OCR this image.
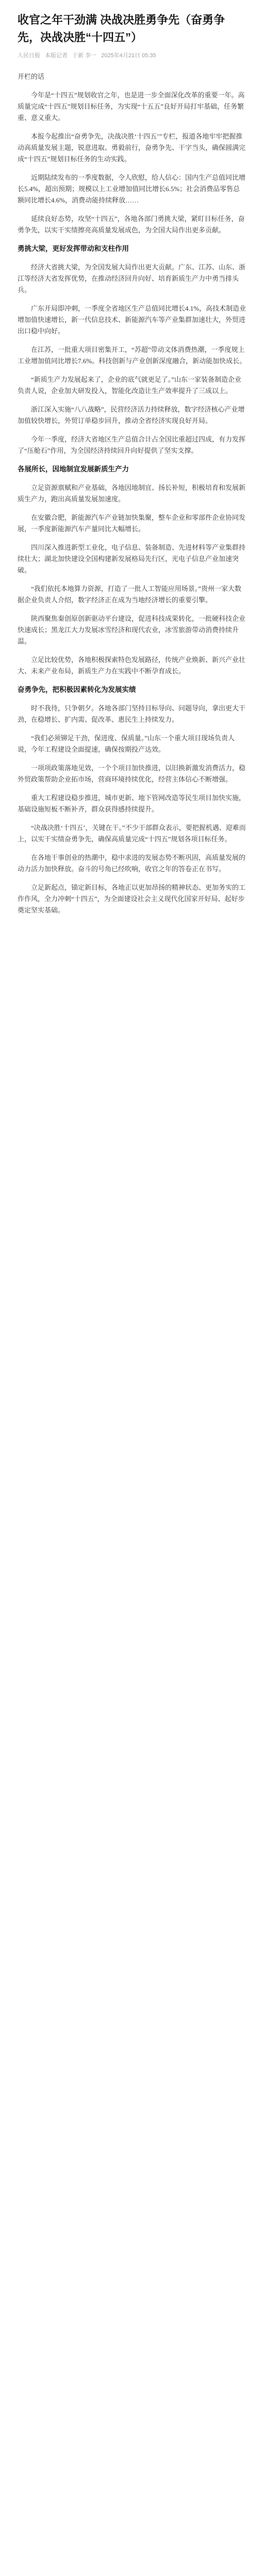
收官之年干劲满 决战决胜勇争先（奋勇争先，决战决胜“十四五”）
人民日报 本版记者 于新 李一 2025年4月21日 05:35
开栏的话

今年是“十四五”规划收官之年，也是进一步全面深化改革的重要一年。高质量完成“十四五”规划目标任务，为实现“十五五”良好开局打牢基础，任务繁重、意义重大。

本报今起推出“奋勇争先，决战决胜‘十四五’”专栏，报道各地牢牢把握推动高质量发展主题，锐意进取、勇毅前行，奋勇争先、干字当头，确保圆满完成“十四五”规划目标任务的生动实践。

近期陆续发布的一季度数据，令人欣慰，给人信心：国内生产总值同比增长5.4%，超出预期；规模以上工业增加值同比增长6.5%；社会消费品零售总额同比增长4.6%，消费动能持续释放……

延续良好态势，攻坚“十四五”，各地各部门勇挑大梁，紧盯目标任务，奋勇争先，以实干实绩擦亮高质量发展成色，为全国大局作出更多贡献。

勇挑大梁，更好发挥带动和支柱作用

经济大省挑大梁，为全国发展大局作出更大贡献。广东、江苏、山东、浙江等经济大省发挥优势，在推动经济回升向好、培育新质生产力中勇当排头兵。

广东开局即冲刺，一季度全省地区生产总值同比增长4.1%，高技术制造业增加值快速增长，新一代信息技术、新能源汽车等产业集群加速壮大，外贸进出口稳中向好。

在江苏，一批重大项目密集开工，“苏超”带动文体消费热潮，一季度规上工业增加值同比增长7.6%。科技创新与产业创新深度融合，新动能加快成长。

“新质生产力发展起来了，企业的底气就更足了。”山东一家装备制造企业负责人说，企业加大研发投入，智能化改造让生产效率提升了三成以上。

浙江深入实施“八八战略”，民营经济活力持续释放，数字经济核心产业增加值较快增长，外贸订单稳步回升，推动全省经济实现良好开局。

今年一季度，经济大省地区生产总值合计占全国比重超过四成，有力发挥了“压舱石”作用，为全国经济持续回升向好提供了坚实支撑。

各展所长，因地制宜发展新质生产力

立足资源禀赋和产业基础，各地因地制宜、扬长补短，积极培育和发展新质生产力，跑出高质量发展加速度。

在安徽合肥，新能源汽车产业链加快集聚，整车企业和零部件企业协同发展，一季度新能源汽车产量同比大幅增长。

四川深入推进新型工业化，电子信息、装备制造、先进材料等产业集群持续壮大；湖北加快建设全国构建新发展格局先行区，光电子信息产业加速突破。

“我们依托本地算力资源，打造了一批人工智能应用场景。”贵州一家大数据企业负责人介绍，数字经济正在成为当地经济增长的重要引擎。

陕西聚焦秦创原创新驱动平台建设，促进科技成果转化，一批硬科技企业快速成长；黑龙江大力发展冰雪经济和现代农业，冰雪旅游带动消费持续升温。

立足比较优势，各地积极探索特色发展路径，传统产业焕新、新兴产业壮大、未来产业布局，新质生产力在实践中不断孕育成长。

奋勇争先，把积极因素转化为发展实绩

时不我待，只争朝夕。各地各部门坚持目标导向、问题导向，拿出更大干劲，在稳增长、扩内需、促改革、惠民生上持续发力。

“我们必须铆足干劲，保进度、保质量。”山东一个重大项目现场负责人说，今年工程建设全面提速，确保按期投产达效。

一项项政策落地见效，一个个项目加快推进，以旧换新激发消费活力，稳外贸政策帮助企业拓市场，营商环境持续优化，经营主体信心不断增强。

重大工程建设稳步推进，城市更新、地下管网改造等民生项目加快实施，基础设施短板不断补齐，群众获得感持续提升。

“决战决胜‘十四五’，关键在干。”不少干部群众表示，要把握机遇、迎难而上，以实干实绩奋勇争先，确保高质量完成“十四五”规划各项目标任务。

在各地干事创业的热潮中，稳中求进的发展态势不断巩固，高质量发展的动力活力加快释放。奋斗的号角已经吹响，收官之年的答卷正在书写。

立足新起点，锚定新目标，各地正以更加昂扬的精神状态、更加务实的工作作风，全力冲刺“十四五”，为全面建设社会主义现代化国家开好局、起好步奠定坚实基础。
